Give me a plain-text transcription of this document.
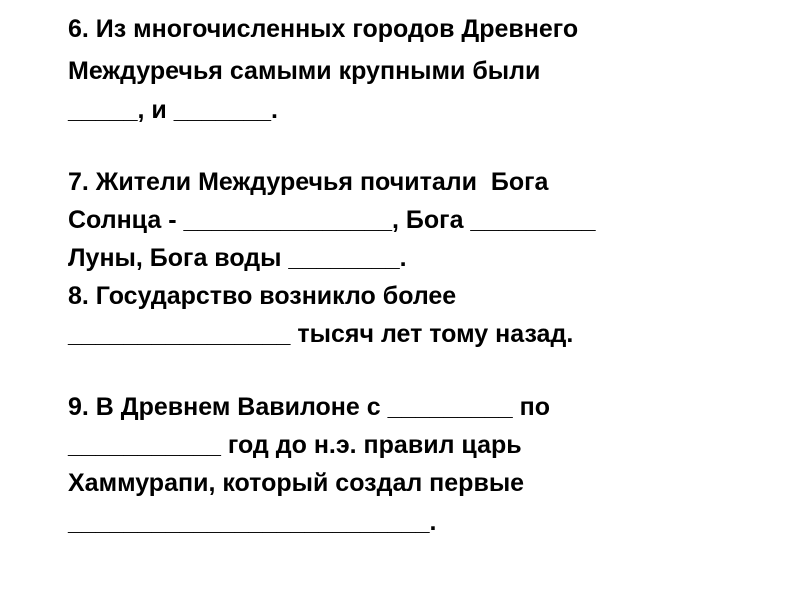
6. Из многочисленных городов Древнего

Междуречья самыми крупными были

_____, и _______.

7. Жители Междуречья почитали  Бога

Солнца - _______________, Бога _________

Луны, Бога воды ________.

8. Государство возникло более

________________ тысяч лет тому назад.

9. В Древнем Вавилоне с _________ по

___________ год до н.э. правил царь

Хаммурапи, который создал первые

__________________________.
